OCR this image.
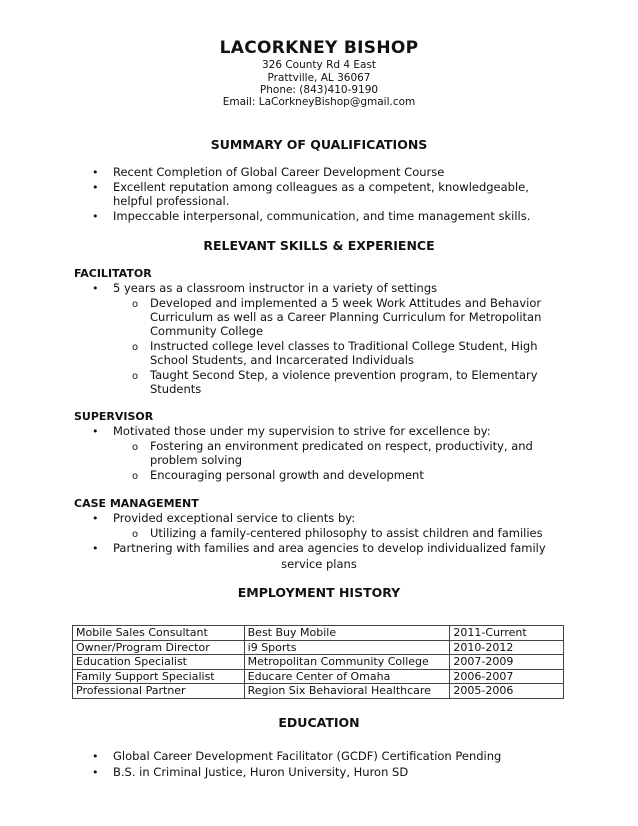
LACORKNEY BISHOP
326 County Rd 4 East
Prattville, AL 36067
Phone: (843)410-9190
Email: LaCorkneyBishop@gmail.com
SUMMARY OF QUALIFICATIONS
• Recent Completion of Global Career Development Course
• Excellent reputation among colleagues as a competent, knowledgeable,
helpful professional.
• Impeccable interpersonal, communication, and time management skills.
RELEVANT SKILLS & EXPERIENCE
FACILITATOR
• 5 years as a classroom instructor in a variety of settings
o Developed and implemented a 5 week Work Attitudes and Behavior
Curriculum as well as a Career Planning Curriculum for Metropolitan
Community College
o Instructed college level classes to Traditional College Student, High
School Students, and Incarcerated Individuals
o Taught Second Step, a violence prevention program, to Elementary
Students
SUPERVISOR
• Motivated those under my supervision to strive for excellence by:
o Fostering an environment predicated on respect, productivity, and
problem solving
o Encouraging personal growth and development
CASE MANAGEMENT
• Provided exceptional service to clients by:
o Utilizing a family-centered philosophy to assist children and families
• Partnering with families and area agencies to develop individualized family
service plans
EMPLOYMENT HISTORY
Mobile Sales Consultant	Best Buy Mobile	2011-Current
Owner/Program Director	i9 Sports	2010-2012
Education Specialist	Metropolitan Community College	2007-2009
Family Support Specialist	Educare Center of Omaha	2006-2007
Professional Partner	Region Six Behavioral Healthcare	2005-2006
EDUCATION
• Global Career Development Facilitator (GCDF) Certification Pending
• B.S. in Criminal Justice, Huron University, Huron SD
